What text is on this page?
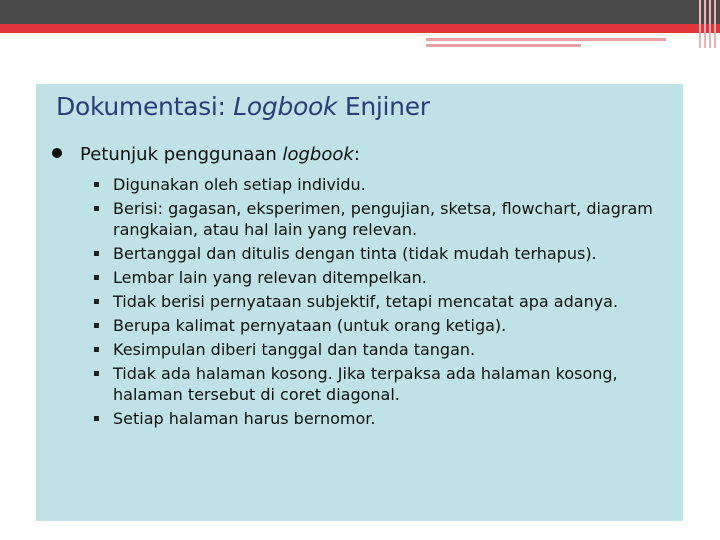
Dokumentasi: Logbook Enjiner
Petunjuk penggunaan logbook:
Digunakan oleh setiap individu.
Berisi: gagasan, eksperimen, pengujian, sketsa, flowchart, diagram rangkaian, atau hal lain yang relevan.
Bertanggal dan ditulis dengan tinta (tidak mudah terhapus).
Lembar lain yang relevan ditempelkan.
Tidak berisi pernyataan subjektif, tetapi mencatat apa adanya.
Berupa kalimat pernyataan (untuk orang ketiga).
Kesimpulan diberi tanggal dan tanda tangan.
Tidak ada halaman kosong. Jika terpaksa ada halaman kosong, halaman tersebut di coret diagonal.
Setiap halaman harus bernomor.
